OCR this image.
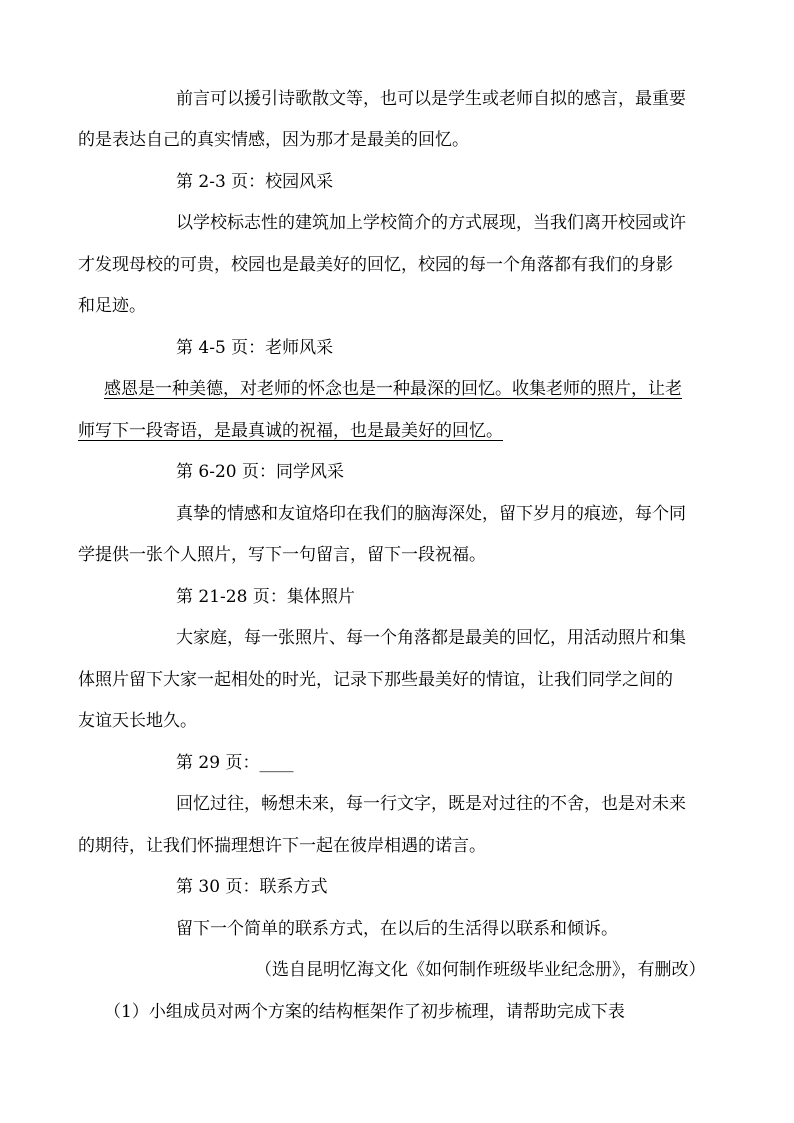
前言可以援引诗歌散文等，也可以是学生或老师自拟的感言，最重要
的是表达自己的真实情感，因为那才是最美的回忆。
第 2-3 页：校园风采
以学校标志性的建筑加上学校简介的方式展现，当我们离开校园或许
才发现母校的可贵，校园也是最美好的回忆，校园的每一个角落都有我们的身影
和足迹。
第 4-5 页：老师风采
感恩是一种美德，对老师的怀念也是一种最深的回忆。收集老师的照片，让老
师写下一段寄语，是最真诚的祝福，也是最美好的回忆。
第 6-20 页：同学风采
真挚的情感和友谊烙印在我们的脑海深处，留下岁月的痕迹，每个同
学提供一张个人照片，写下一句留言，留下一段祝福。
第 21-28 页：集体照片
大家庭，每一张照片、每一个角落都是最美的回忆，用活动照片和集
体照片留下大家一起相处的时光，记录下那些最美好的情谊，让我们同学之间的
友谊天长地久。
第 29 页：____
回忆过往，畅想未来，每一行文字，既是对过往的不舍，也是对未来
的期待，让我们怀揣理想许下一起在彼岸相遇的诺言。
第 30 页：联系方式
留下一个简单的联系方式，在以后的生活得以联系和倾诉。
（选自昆明忆海文化《如何制作班级毕业纪念册》，有删改）
（1）小组成员对两个方案的结构框架作了初步梳理，请帮助完成下表
